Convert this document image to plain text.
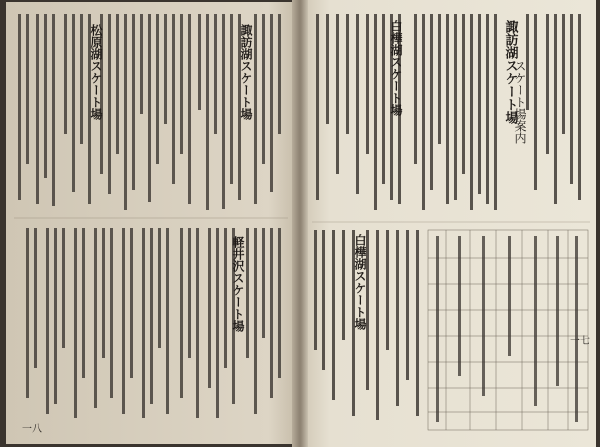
諏訪湖スケート場
白樺湖スケート場	スケート場案内
諏訪湖スケート場
松原湖スケート場
白樺湖スケート場
軽井沢スケート場
一八
一七
